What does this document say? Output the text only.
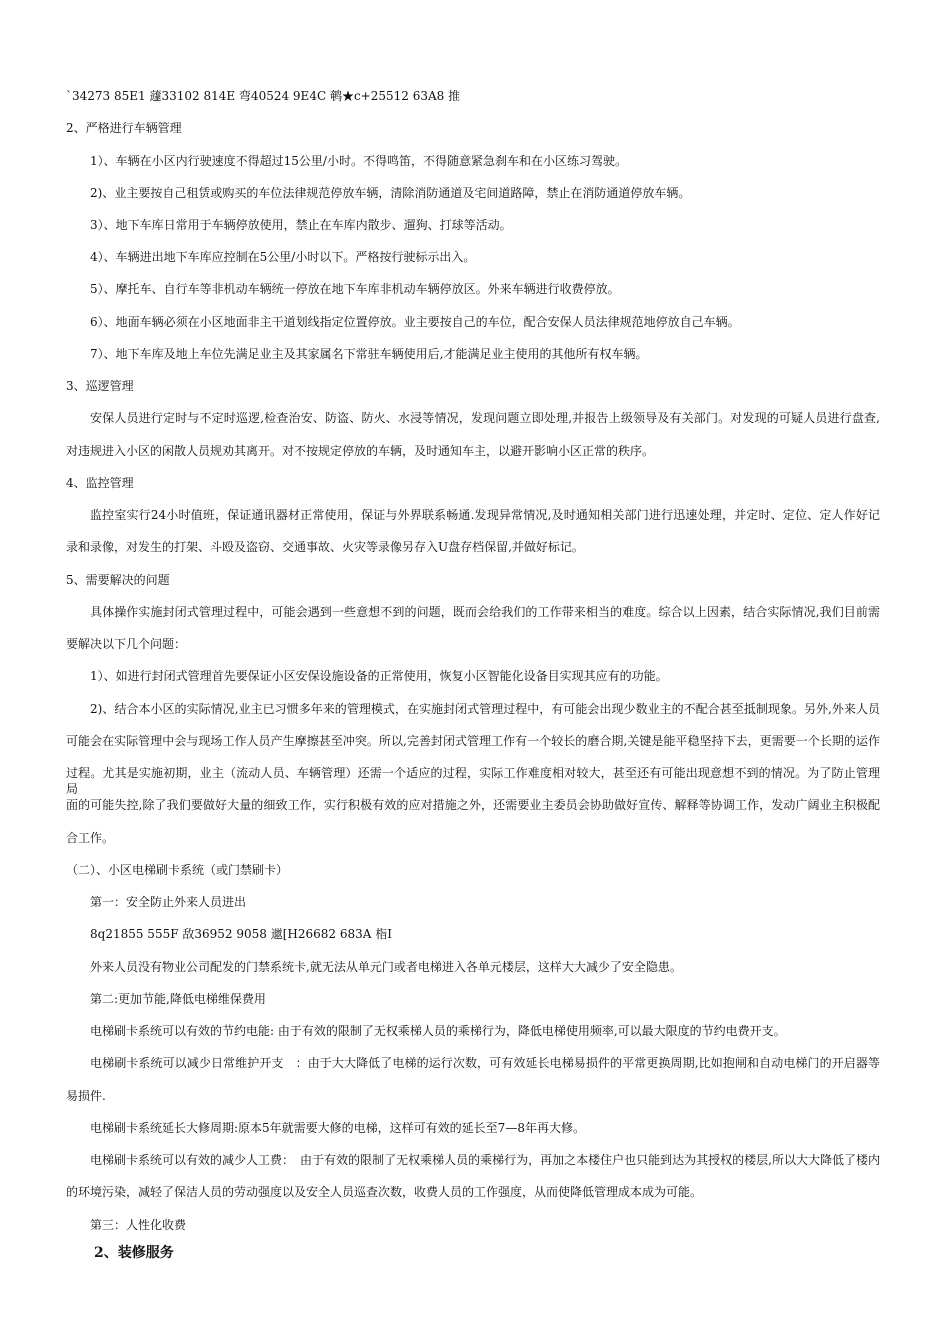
`34273 85E1 蘧33102 814E 弯40524 9E4C 鹌★c+25512 63A8 推
2、严格进行车辆管理
1）、车辆在小区内行驶速度不得超过15公里/小时。不得鸣笛，不得随意紧急刹车和在小区练习驾驶。
2)、业主要按自己租赁或购买的车位法律规范停放车辆，清除消防通道及宅间道路障，禁止在消防通道停放车辆。
3）、地下车库日常用于车辆停放使用，禁止在车库内散步、遛狗、打球等活动。
4）、车辆进出地下车库应控制在5公里/小时以下。严格按行驶标示出入。
5）、摩托车、自行车等非机动车辆统一停放在地下车库非机动车辆停放区。外来车辆进行收费停放。
6）、地面车辆必须在小区地面非主干道划线指定位置停放。业主要按自己的车位，配合安保人员法律规范地停放自己车辆。
7）、地下车库及地上车位先满足业主及其家属名下常驻车辆使用后,才能满足业主使用的其他所有权车辆。
3、巡逻管理
安保人员进行定时与不定时巡逻,检查治安、防盗、防火、水浸等情况，发现问题立即处理,并报告上级领导及有关部门。对发现的可疑人员进行盘查,
对违规进入小区的闲散人员规劝其离开。对不按规定停放的车辆，及时通知车主，以避开影响小区正常的秩序。
4、监控管理
监控室实行24小时值班，保证通讯器材正常使用，保证与外界联系畅通.发现异常情况,及时通知相关部门进行迅速处理，并定时、定位、定人作好记
录和录像，对发生的打架、斗殴及盗窃、交通事故、火灾等录像另存入U盘存档保留,并做好标记。
5、需要解决的问题
具体操作实施封闭式管理过程中，可能会遇到一些意想不到的问题，既而会给我们的工作带来相当的难度。综合以上因素，结合实际情况,我们目前需
要解决以下几个问题：
1）、如进行封闭式管理首先要保证小区安保设施设备的正常使用，恢复小区智能化设备目实现其应有的功能。
2)、结合本小区的实际情况,业主已习惯多年来的管理模式，在实施封闭式管理过程中，有可能会出现少数业主的不配合甚至抵制现象。另外,外来人员
可能会在实际管理中会与现场工作人员产生摩擦甚至冲突。所以,完善封闭式管理工作有一个较长的磨合期,关键是能平稳坚持下去，更需要一个长期的运作
过程。尤其是实施初期，业主（流动人员、车辆管理）还需一个适应的过程，实际工作难度相对较大，甚至还有可能出现意想不到的情况。为了防止管理局
面的可能失控,除了我们要做好大量的细致工作，实行积极有效的应对措施之外，还需要业主委员会协助做好宣传、解释等协调工作，发动广阔业主积极配
合工作。
（二）、小区电梯刷卡系统（或门禁刷卡）
第一：安全防止外来人员进出
8q21855 555F 敌36952 9058 邋[H26682 683A 栺I
外来人员没有物业公司配发的门禁系统卡,就无法从单元门或者电梯进入各单元楼层，这样大大减少了安全隐患。
第二:更加节能,降低电梯维保费用
电梯刷卡系统可以有效的节约电能: 由于有效的限制了无权乘梯人员的乘梯行为，降低电梯使用频率,可以最大限度的节约电费开支。
电梯刷卡系统可以减少日常维护开支　：由于大大降低了电梯的运行次数，可有效延长电梯易损件的平常更换周期,比如抱闸和自动电梯门的开启器等
易损件.
电梯刷卡系统延长大修周期:原本5年就需要大修的电梯，这样可有效的延长至7—8年再大修。
电梯刷卡系统可以有效的减少人工费：　由于有效的限制了无权乘梯人员的乘梯行为，再加之本楼住户也只能到达为其授权的楼层,所以大大降低了楼内
的环境污染，减轻了保洁人员的劳动强度以及安全人员巡查次数，收费人员的工作强度，从而使降低管理成本成为可能。
第三：人性化收费
2、装修服务
